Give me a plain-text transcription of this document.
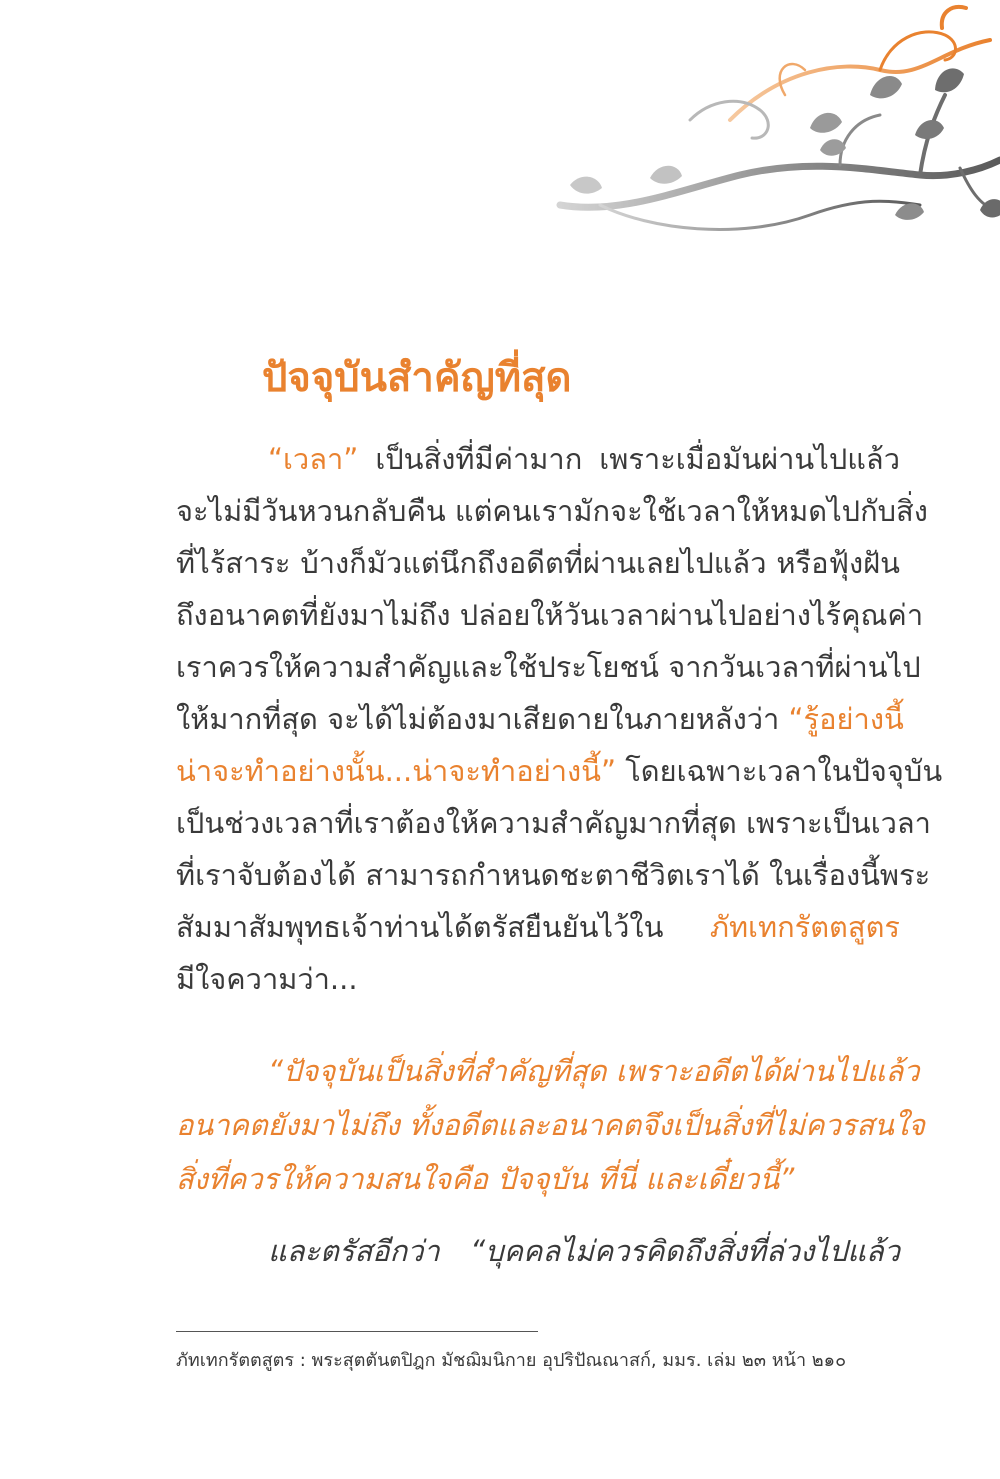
ปัจจุบันสำคัญที่สุด
“เวลา” เป็นสิ่งที่มีค่ามาก เพราะเมื่อมันผ่านไปแล้ว
จะไม่มีวันหวนกลับคืน แต่คนเรามักจะใช้เวลาให้หมดไปกับสิ่ง
ที่ไร้สาระ บ้างก็มัวแต่นึกถึงอดีตที่ผ่านเลยไปแล้ว หรือฟุ้งฝัน
ถึงอนาคตที่ยังมาไม่ถึง ปล่อยให้วันเวลาผ่านไปอย่างไร้คุณค่า
เราควรให้ความสำคัญและใช้ประโยชน์ จากวันเวลาที่ผ่านไป
ให้มากที่สุด จะได้ไม่ต้องมาเสียดายในภายหลังว่า “รู้อย่างนี้
น่าจะทำอย่างนั้น...น่าจะทำอย่างนี้” โดยเฉพาะเวลาในปัจจุบัน
เป็นช่วงเวลาที่เราต้องให้ความสำคัญมากที่สุด เพราะเป็นเวลา
ที่เราจับต้องได้ สามารถกำหนดชะตาชีวิตเราได้ ในเรื่องนี้พระ
สัมมาสัมพุทธเจ้าท่านได้ตรัสยืนยันไว้ใน ภัทเทกรัตตสูตร
มีใจความว่า...
“ปัจจุบันเป็นสิ่งที่สำคัญที่สุด เพราะอดีตได้ผ่านไปแล้ว
อนาคตยังมาไม่ถึง ทั้งอดีตและอนาคตจึงเป็นสิ่งที่ไม่ควรสนใจ
สิ่งที่ควรให้ความสนใจคือ ปัจจุบัน ที่นี่ และเดี๋ยวนี้”
และตรัสอีกว่า “บุคคลไม่ควรคิดถึงสิ่งที่ล่วงไปแล้ว
ภัทเทกรัตตสูตร : พระสุตตันตปิฎก มัชฌิมนิกาย อุปริปัณณาสก์, มมร. เล่ม ๒๓ หน้า ๒๑๐
